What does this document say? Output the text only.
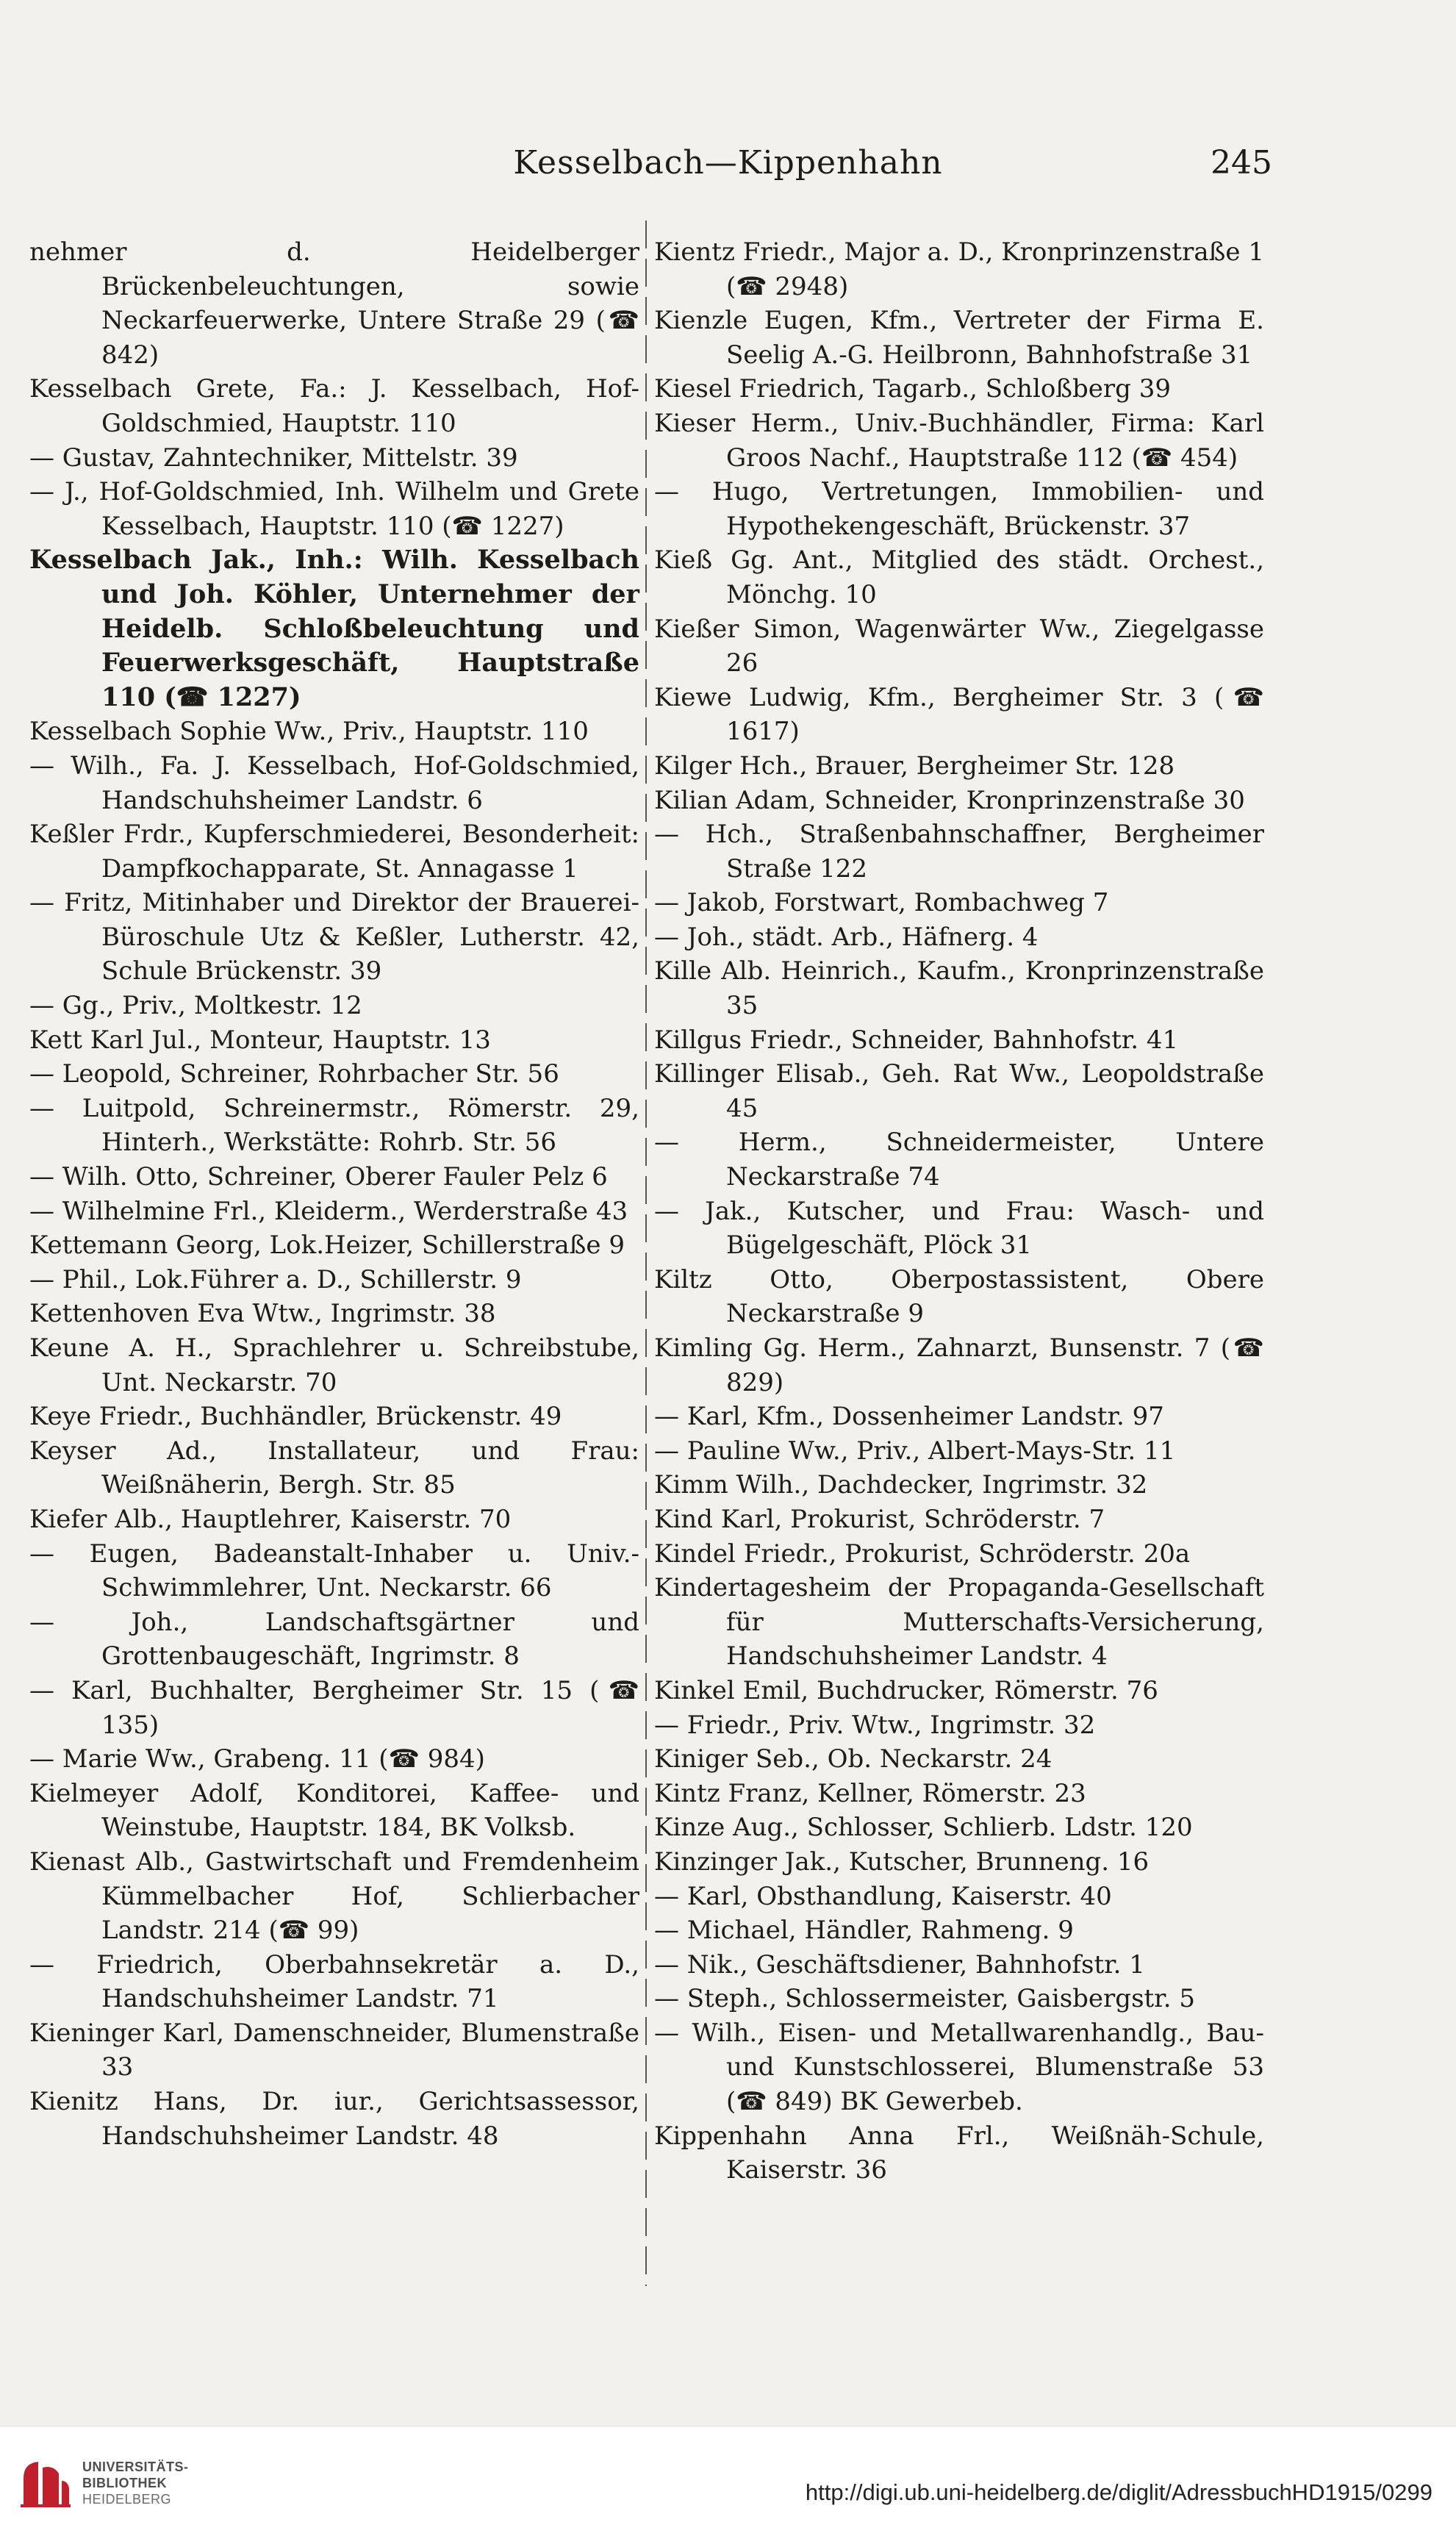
Kesselbach—Kippenhahn	245

nehmer d. Heidelberger Brückenbeleuchtungen, sowie Neckarfeuerwerke, Untere Straße 29 (☎ 842)

Kesselbach Grete, Fa.: J. Kesselbach, Hof-Goldschmied, Hauptstr. 110

— Gustav, Zahntechniker, Mittelstr. 39

— J., Hof-Goldschmied, Inh. Wilhelm und Grete Kesselbach, Hauptstr. 110 (☎ 1227)

Kesselbach Jak., Inh.: Wilh. Kesselbach und Joh. Köhler, Unternehmer der Heidelb. Schloßbeleuchtung und Feuerwerksgeschäft, Hauptstraße 110 (☎ 1227)

Kesselbach Sophie Ww., Priv., Hauptstr. 110

— Wilh., Fa. J. Kesselbach, Hof-Goldschmied, Handschuhsheimer Landstr. 6

Keßler Frdr., Kupferschmiederei, Besonderheit: Dampfkochapparate, St. Annagasse 1

— Fritz, Mitinhaber und Direktor der Brauerei-Büroschule Utz & Keßler, Lutherstr. 42, Schule Brückenstr. 39

— Gg., Priv., Moltkestr. 12

Kett Karl Jul., Monteur, Hauptstr. 13

— Leopold, Schreiner, Rohrbacher Str. 56

— Luitpold, Schreinermstr., Römerstr. 29, Hinterh., Werkstätte: Rohrb. Str. 56

— Wilh. Otto, Schreiner, Oberer Fauler Pelz 6

— Wilhelmine Frl., Kleiderm., Werderstraße 43

Kettemann Georg, Lok.Heizer, Schillerstraße 9

— Phil., Lok.Führer a. D., Schillerstr. 9

Kettenhoven Eva Wtw., Ingrimstr. 38

Keune A. H., Sprachlehrer u. Schreibstube, Unt. Neckarstr. 70

Keye Friedr., Buchhändler, Brückenstr. 49

Keyser Ad., Installateur, und Frau: Weißnäherin, Bergh. Str. 85

Kiefer Alb., Hauptlehrer, Kaiserstr. 70

— Eugen, Badeanstalt-Inhaber u. Univ.-Schwimmlehrer, Unt. Neckarstr. 66

— Joh., Landschaftsgärtner und Grottenbaugeschäft, Ingrimstr. 8

— Karl, Buchhalter, Bergheimer Str. 15 (☎ 135)

— Marie Ww., Grabeng. 11 (☎ 984)

Kielmeyer Adolf, Konditorei, Kaffee- und Weinstube, Hauptstr. 184, BK Volksb.

Kienast Alb., Gastwirtschaft und Fremdenheim Kümmelbacher Hof, Schlierbacher Landstr. 214 (☎ 99)

— Friedrich, Oberbahnsekretär a. D., Handschuhsheimer Landstr. 71

Kieninger Karl, Damenschneider, Blumenstraße 33

Kienitz Hans, Dr. iur., Gerichtsassessor, Handschuhsheimer Landstr. 48

Kientz Friedr., Major a. D., Kronprinzenstraße 1 (☎ 2948)

Kienzle Eugen, Kfm., Vertreter der Firma E. Seelig A.-G. Heilbronn, Bahnhofstraße 31

Kiesel Friedrich, Tagarb., Schloßberg 39

Kieser Herm., Univ.-Buchhändler, Firma: Karl Groos Nachf., Hauptstraße 112 (☎ 454)

— Hugo, Vertretungen, Immobilien- und Hypothekengeschäft, Brückenstr. 37

Kieß Gg. Ant., Mitglied des städt. Orchest., Mönchg. 10

Kießer Simon, Wagenwärter Ww., Ziegelgasse 26

Kiewe Ludwig, Kfm., Bergheimer Str. 3 (☎ 1617)

Kilger Hch., Brauer, Bergheimer Str. 128

Kilian Adam, Schneider, Kronprinzenstraße 30

— Hch., Straßenbahnschaffner, Bergheimer Straße 122

— Jakob, Forstwart, Rombachweg 7

— Joh., städt. Arb., Häfnerg. 4

Kille Alb. Heinrich., Kaufm., Kronprinzenstraße 35

Killgus Friedr., Schneider, Bahnhofstr. 41

Killinger Elisab., Geh. Rat Ww., Leopoldstraße 45

— Herm., Schneidermeister, Untere Neckarstraße 74

— Jak., Kutscher, und Frau: Wasch- und Bügelgeschäft, Plöck 31

Kiltz Otto, Oberpostassistent, Obere Neckarstraße 9

Kimling Gg. Herm., Zahnarzt, Bunsenstr. 7 (☎ 829)

— Karl, Kfm., Dossenheimer Landstr. 97

— Pauline Ww., Priv., Albert-Mays-Str. 11

Kimm Wilh., Dachdecker, Ingrimstr. 32

Kind Karl, Prokurist, Schröderstr. 7

Kindel Friedr., Prokurist, Schröderstr. 20a

Kindertagesheim der Propaganda-Gesellschaft für Mutterschafts-Versicherung, Handschuhsheimer Landstr. 4

Kinkel Emil, Buchdrucker, Römerstr. 76

— Friedr., Priv. Wtw., Ingrimstr. 32

Kiniger Seb., Ob. Neckarstr. 24

Kintz Franz, Kellner, Römerstr. 23

Kinze Aug., Schlosser, Schlierb. Ldstr. 120

Kinzinger Jak., Kutscher, Brunneng. 16

— Karl, Obsthandlung, Kaiserstr. 40

— Michael, Händler, Rahmeng. 9

— Nik., Geschäftsdiener, Bahnhofstr. 1

— Steph., Schlossermeister, Gaisbergstr. 5

— Wilh., Eisen- und Metallwarenhandlg., Bau- und Kunstschlosserei, Blumenstraße 53 (☎ 849) BK Gewerbeb.

Kippenhahn Anna Frl., Weißnäh-Schule, Kaiserstr. 36

UNIVERSITÄTS-
BIBLIOTHEK
HEIDELBERG	http://digi.ub.uni-heidelberg.de/diglit/AdressbuchHD1915/0299
